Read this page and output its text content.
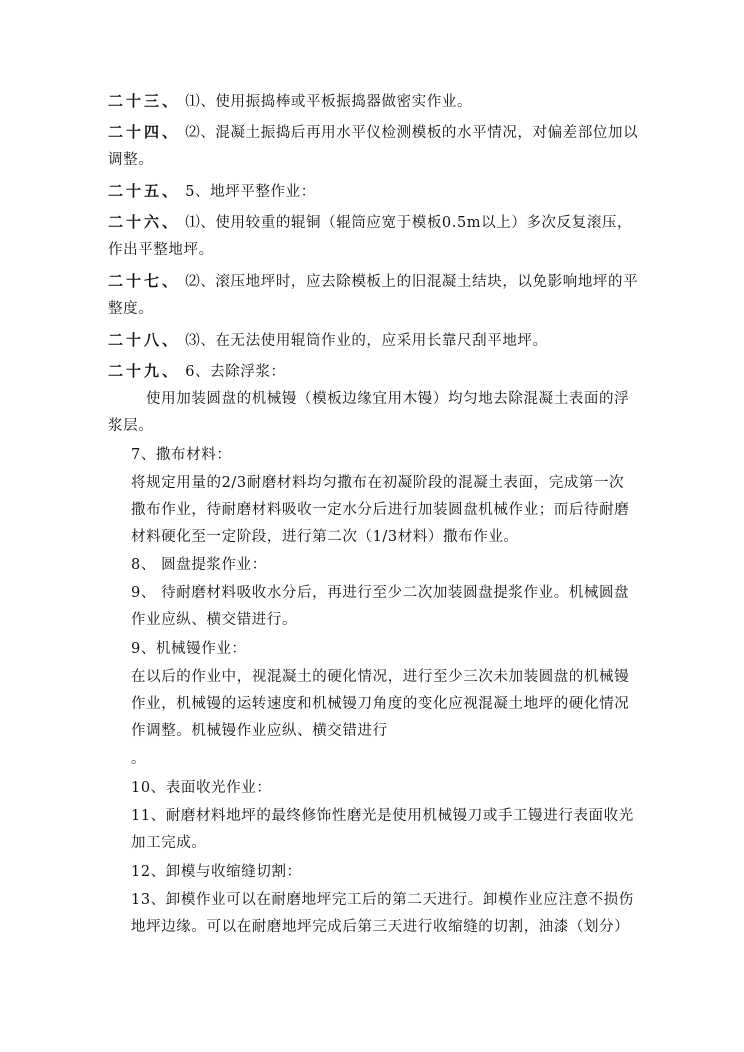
二十三、 ⑴、使用振捣棒或平板振捣器做密实作业。
二十四、 ⑵、混凝土振捣后再用水平仪检测模板的水平情况，对偏差部位加以
调整。
二十五、 5、地坪平整作业：
二十六、 ⑴、使用较重的辊铜（辊筒应宽于模板0.5m以上）多次反复滚压，
作出平整地坪。
二十七、 ⑵、滚压地坪时，应去除模板上的旧混凝土结块，以免影响地坪的平
整度。
二十八、 ⑶、在无法使用辊筒作业的，应采用长靠尺刮平地坪。
二十九、 6、去除浮浆：
使用加装圆盘的机械镘（模板边缘宜用木镘）均匀地去除混凝土表面的浮
浆层。
7、撒布材料：
将规定用量的2/3耐磨材料均匀撒布在初凝阶段的混凝土表面，完成第一次
撒布作业，待耐磨材料吸收一定水分后进行加装圆盘机械作业；而后待耐磨
材料硬化至一定阶段，进行第二次（1/3材料）撒布作业。
8、 圆盘提浆作业：
9、 待耐磨材料吸收水分后，再进行至少二次加装圆盘提浆作业。机械圆盘
作业应纵、横交错进行。
9、机械镘作业：
在以后的作业中，视混凝土的硬化情况，进行至少三次未加装圆盘的机械镘
作业，机械镘的运转速度和机械镘刀角度的变化应视混凝土地坪的硬化情况
作调整。机械镘作业应纵、横交错进行
。
10、表面收光作业：
11、耐磨材料地坪的最终修饰性磨光是使用机械镘刀或手工镘进行表面收光
加工完成。
12、卸模与收缩缝切割：
13、卸模作业可以在耐磨地坪完工后的第二天进行。卸模作业应注意不损伤
地坪边缘。可以在耐磨地坪完成后第三天进行收缩缝的切割，油漆（划分）
